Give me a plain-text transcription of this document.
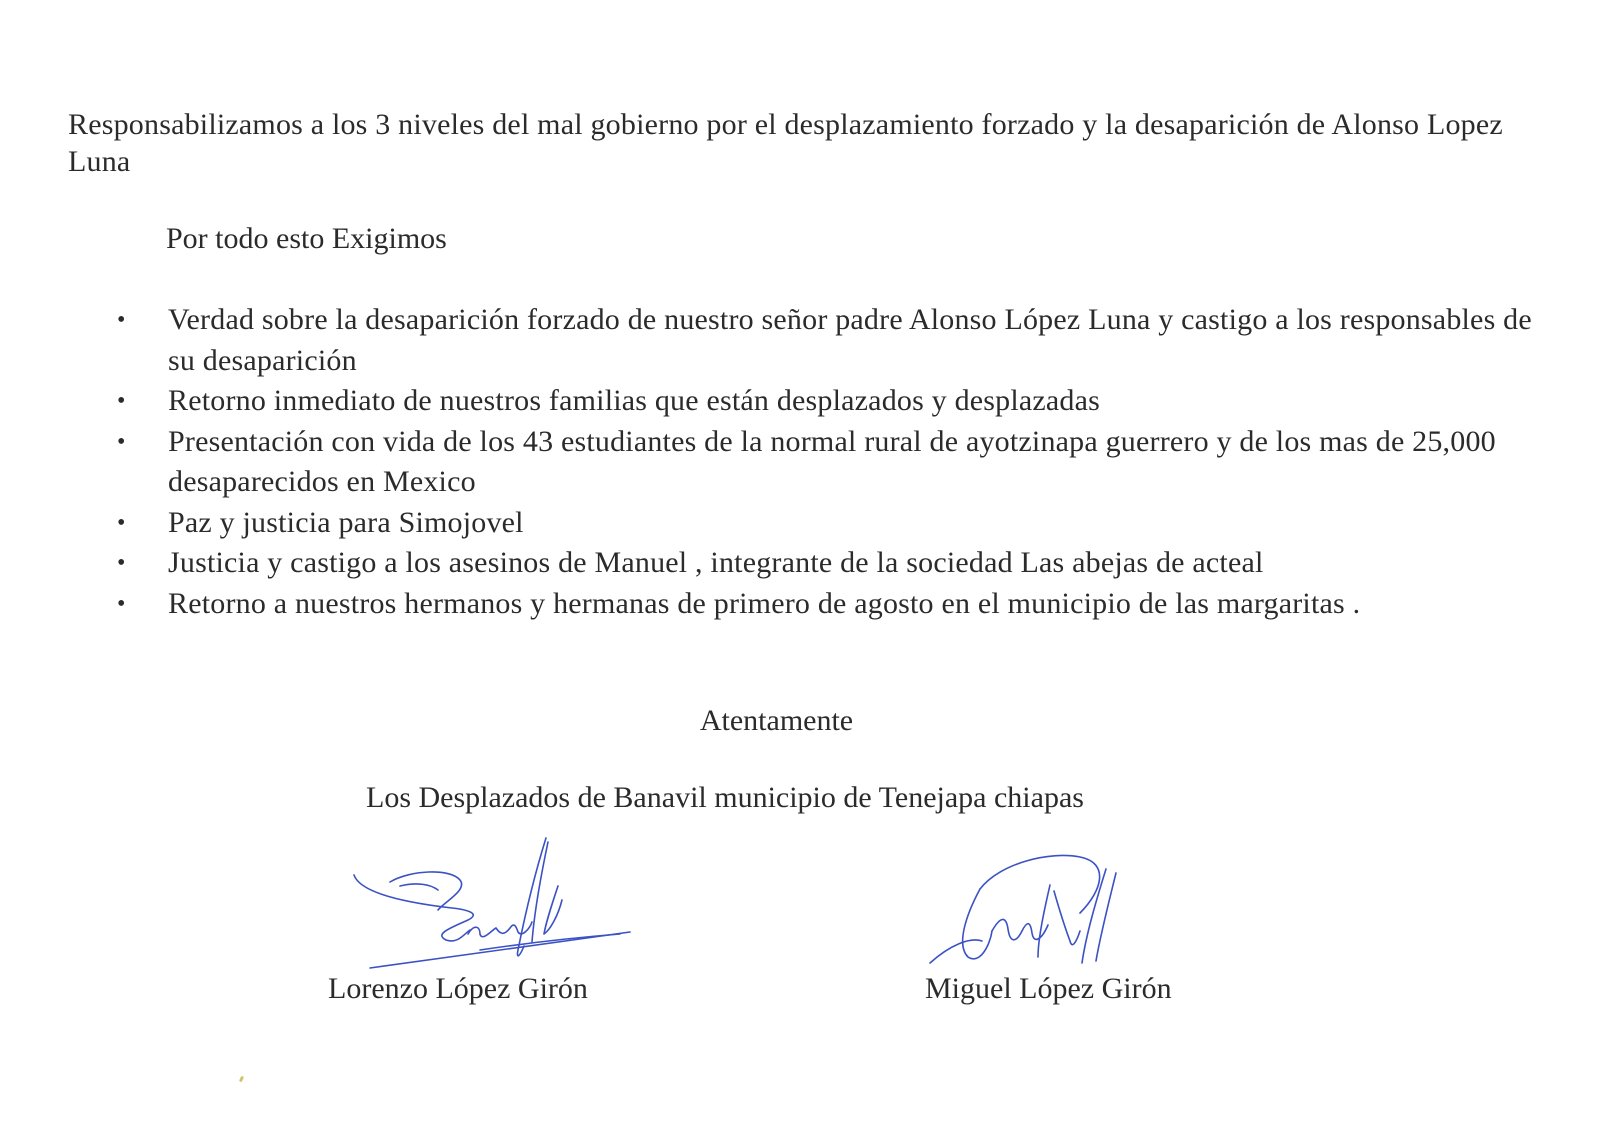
Responsabilizamos a los 3 niveles del mal gobierno por el desplazamiento forzado y la desaparición de Alonso Lopez Luna

Por todo esto Exigimos

• Verdad sobre la desaparición forzado de nuestro señor padre Alonso López Luna y castigo a los responsables de su desaparición
• Retorno inmediato de nuestros familias que están desplazados y desplazadas
• Presentación con vida de los 43 estudiantes de la normal rural de ayotzinapa guerrero y de los mas de 25,000 desaparecidos en Mexico
• Paz y justicia para Simojovel
• Justicia y castigo a los asesinos de Manuel , integrante de la sociedad Las abejas de acteal
• Retorno a nuestros hermanos y hermanas de primero de agosto en el municipio de las margaritas .

Atentamente

Los Desplazados de Banavil municipio de Tenejapa chiapas

Lorenzo López Girón	Miguel López Girón
